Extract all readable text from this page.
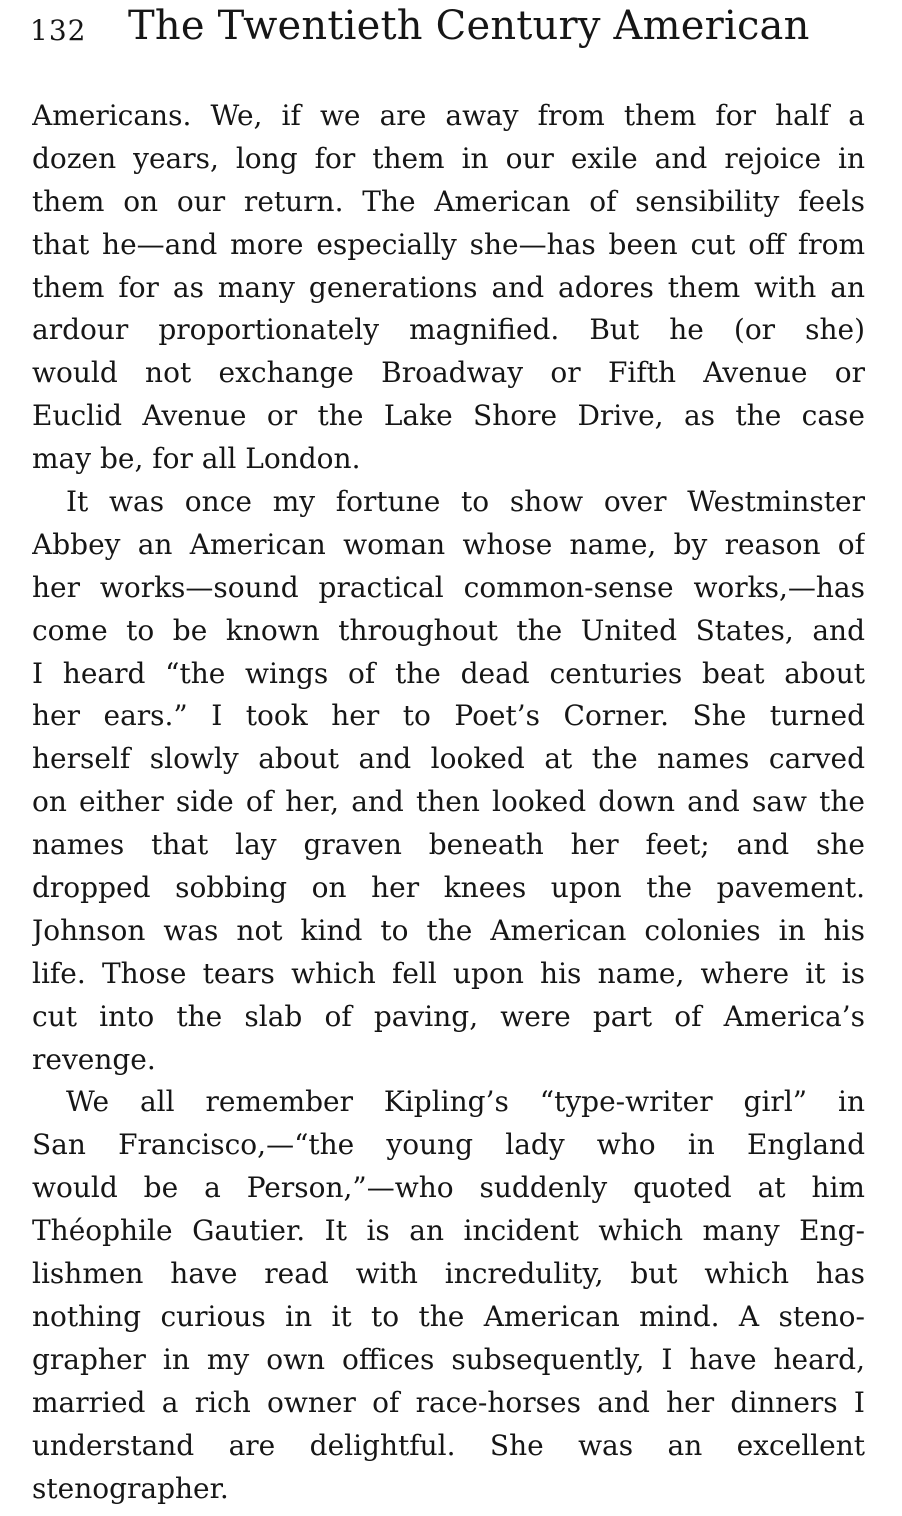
132 The Twentieth Century American
Americans. We, if we are away from them for half a
dozen years, long for them in our exile and rejoice in
them on our return. The American of sensibility feels
that he—and more especially she—has been cut off from
them for as many generations and adores them with an
ardour proportionately magnified. But he (or she)
would not exchange Broadway or Fifth Avenue or
Euclid Avenue or the Lake Shore Drive, as the case
may be, for all London.
It was once my fortune to show over Westminster
Abbey an American woman whose name, by reason of
her works—sound practical common-sense works,—has
come to be known throughout the United States, and
I heard “the wings of the dead centuries beat about
her ears.” I took her to Poet’s Corner. She turned
herself slowly about and looked at the names carved
on either side of her, and then looked down and saw the
names that lay graven beneath her feet; and she
dropped sobbing on her knees upon the pavement.
Johnson was not kind to the American colonies in his
life. Those tears which fell upon his name, where it is
cut into the slab of paving, were part of America’s
revenge.
We all remember Kipling’s “type-writer girl” in
San Francisco,—“the young lady who in England
would be a Person,”—who suddenly quoted at him
Théophile Gautier. It is an incident which many Eng-
lishmen have read with incredulity, but which has
nothing curious in it to the American mind. A steno-
grapher in my own offices subsequently, I have heard,
married a rich owner of race-horses and her dinners I
understand are delightful. She was an excellent
stenographer.
